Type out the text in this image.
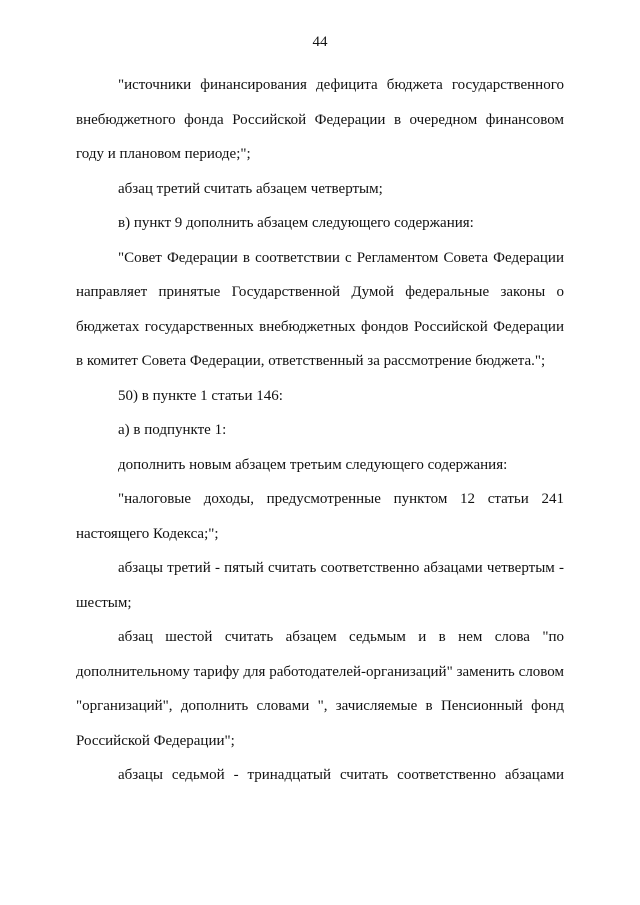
44

"источники финансирования дефицита бюджета государственного внебюджетного фонда Российской Федерации в очередном финансовом году и плановом периоде;";

абзац третий считать абзацем четвертым;

в) пункт 9 дополнить абзацем следующего содержания:

"Совет Федерации в соответствии с Регламентом Совета Федерации направляет принятые Государственной Думой федеральные законы о бюджетах государственных внебюджетных фондов Российской Федерации в комитет Совета Федерации, ответственный за рассмотрение бюджета.";

50) в пункте 1 статьи 146:

а) в подпункте 1:

дополнить новым абзацем третьим следующего содержания:

"налоговые доходы, предусмотренные пунктом 12 статьи 241 настоящего Кодекса;";

абзацы третий - пятый считать соответственно абзацами четвертым - шестым;

абзац шестой считать абзацем седьмым и в нем слова "по дополнительному тарифу для работодателей-организаций" заменить словом "организаций", дополнить словами ", зачисляемые в Пенсионный фонд Российской Федерации";

абзацы седьмой - тринадцатый считать соответственно абзацами
